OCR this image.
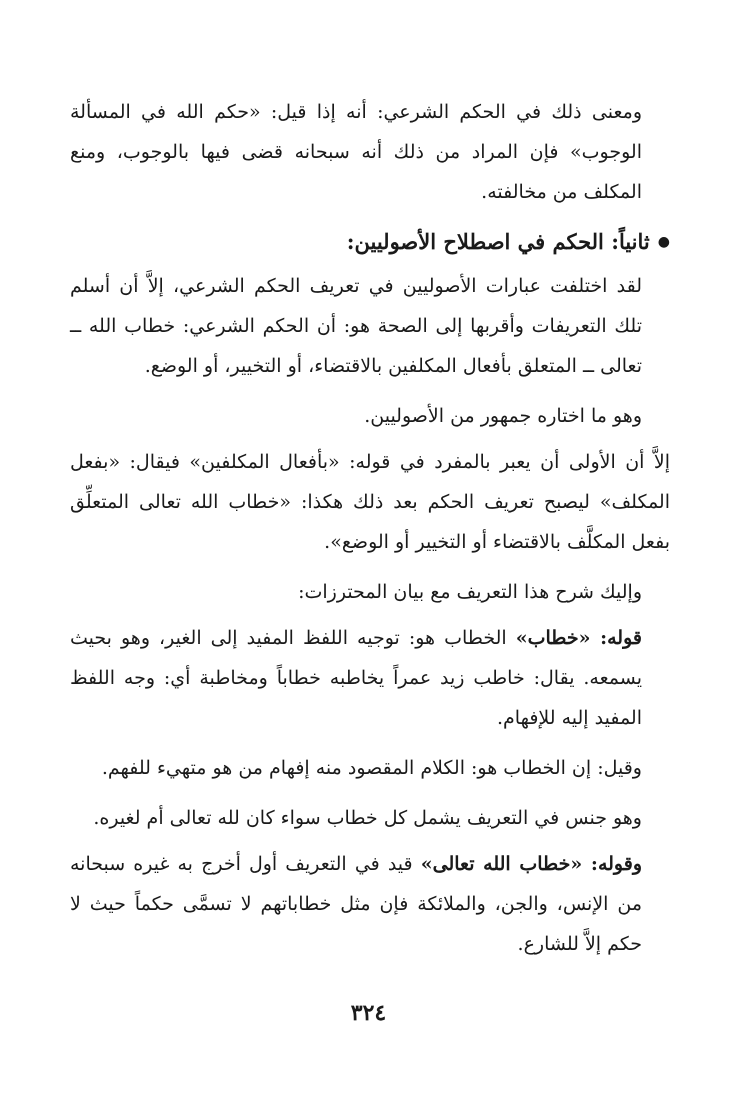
ومعنى ذلك في الحكم الشرعي: أنه إذا قيل: «حكم الله في المسألة الوجوب» فإن المراد من ذلك أنه سبحانه قضى فيها بالوجوب، ومنع المكلف من مخالفته.

●
ثانياً: الحكم في اصطلاح الأصوليين:

لقد اختلفت عبارات الأصوليين في تعريف الحكم الشرعي، إلاَّ أن أسلم تلك التعريفات وأقربها إلى الصحة هو: أن الحكم الشرعي: خطاب الله ــ تعالى ــ المتعلق بأفعال المكلفين بالاقتضاء، أو التخيير، أو الوضع.

وهو ما اختاره جمهور من الأصوليين.

إلاَّ أن الأولى أن يعبر بالمفرد في قوله: «بأفعال المكلفين» فيقال: «بفعل المكلف» ليصبح تعريف الحكم بعد ذلك هكذا: «خطاب الله تعالى المتعلِّق بفعل المكلَّف بالاقتضاء أو التخيير أو الوضع».

وإليك شرح هذا التعريف مع بيان المحترزات:

قوله: «خطاب» الخطاب هو: توجيه اللفظ المفيد إلى الغير، وهو بحيث يسمعه. يقال: خاطب زيد عمراً يخاطبه خطاباً ومخاطبة أي: وجه اللفظ المفيد إليه للإفهام.

وقيل: إن الخطاب هو: الكلام المقصود منه إفهام من هو متهيء للفهم.

وهو جنس في التعريف يشمل كل خطاب سواء كان لله تعالى أم لغيره.

وقوله: «خطاب الله تعالى» قيد في التعريف أول أخرج به غيره سبحانه من الإنس، والجن، والملائكة فإن مثل خطاباتهم لا تسمَّى حكماً حيث لا حكم إلاَّ للشارع.

٣٢٤
